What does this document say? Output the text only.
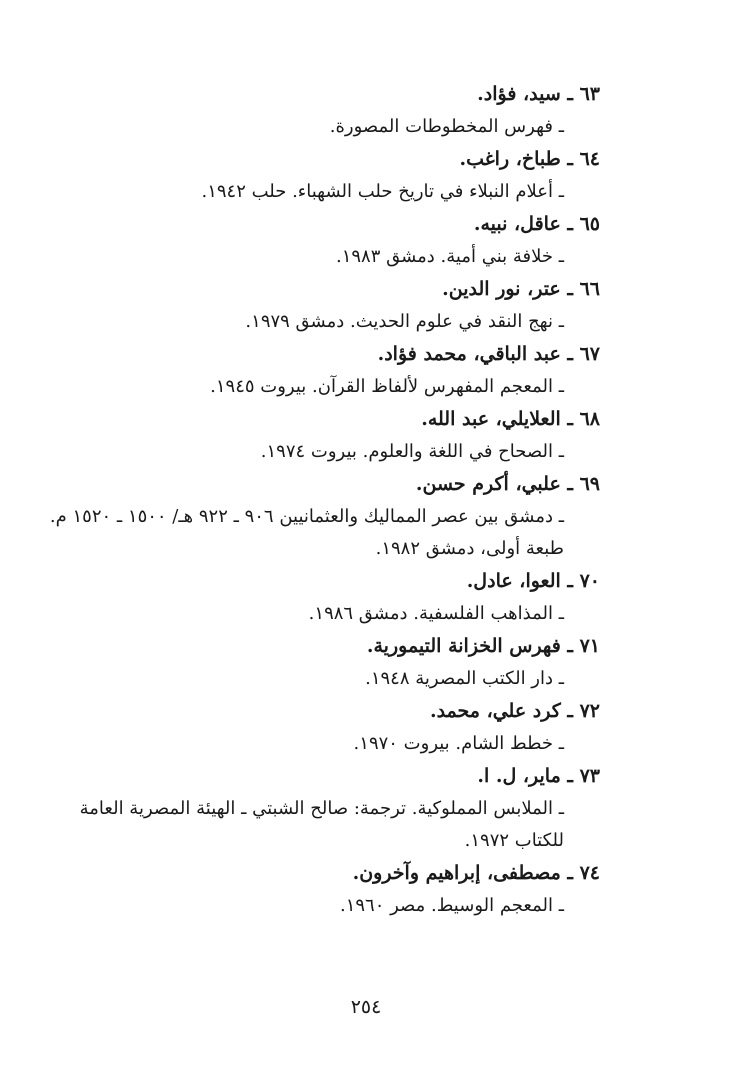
٦٣ ـ سيد، فؤاد.
ـ فهرس المخطوطات المصورة.
٦٤ ـ طباخ، راغب.
ـ أعلام النبلاء في تاريخ حلب الشهباء. حلب ١٩٤٢.
٦٥ ـ عاقل، نبيه.
ـ خلافة بني أمية. دمشق ١٩٨٣.
٦٦ ـ عتر، نور الدين.
ـ نهج النقد في علوم الحديث. دمشق ١٩٧٩.
٦٧ ـ عبد الباقي، محمد فؤاد.
ـ المعجم المفهرس لألفاظ القرآن. بيروت ١٩٤٥.
٦٨ ـ العلايلي، عبد الله.
ـ الصحاح في اللغة والعلوم. بيروت ١٩٧٤.
٦٩ ـ علبي، أكرم حسن.
ـ دمشق بين عصر المماليك والعثمانيين ٩٠٦ ـ ٩٢٢ هـ/ ١٥٠٠ ـ ١٥٢٠ م. طبعة أولى، دمشق ١٩٨٢.
٧٠ ـ العوا، عادل.
ـ المذاهب الفلسفية. دمشق ١٩٨٦.
٧١ ـ فهرس الخزانة التيمورية.
ـ دار الكتب المصرية ١٩٤٨.
٧٢ ـ كرد علي، محمد.
ـ خطط الشام. بيروت ١٩٧٠.
٧٣ ـ ماير، ل. ا.
ـ الملابس المملوكية. ترجمة: صالح الشبتي ـ الهيئة المصرية العامة للكتاب ١٩٧٢.
٧٤ ـ مصطفى، إبراهيم وآخرون.
ـ المعجم الوسيط. مصر ١٩٦٠.
٢٥٤
